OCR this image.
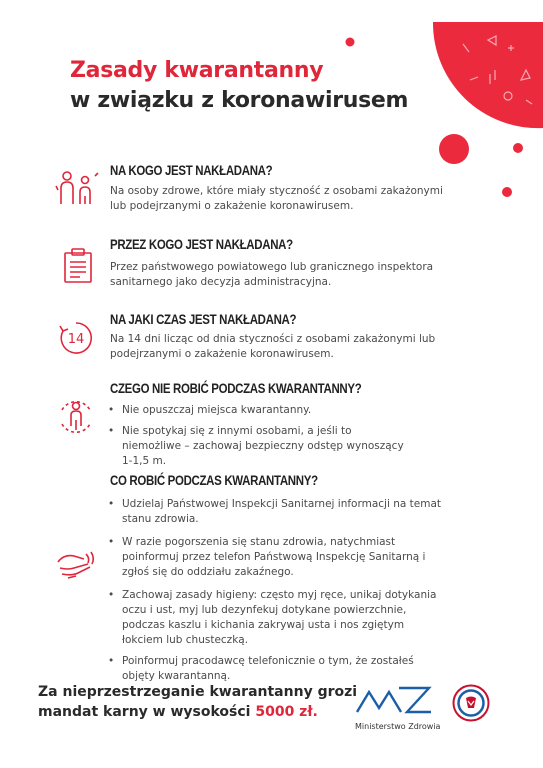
Zasady kwarantanny
w związku z koronawirusem
NA KOGO JEST NAKŁADANA?
Na osoby zdrowe, które miały styczność z osobami zakażonymi lub podejrzanymi o zakażenie koronawirusem.
PRZEZ KOGO JEST NAKŁADANA?
Przez państwowego powiatowego lub granicznego inspektora sanitarnego jako decyzja administracyjna.
14
NA JAKI CZAS JEST NAKŁADANA?
Na 14 dni licząc od dnia styczności z osobami zakażonymi lub podejrzanymi o zakażenie koronawirusem.
CZEGO NIE ROBIĆ PODCZAS KWARANTANNY?
• Nie opuszczaj miejsca kwarantanny.
• Nie spotykaj się z innymi osobami, a jeśli to niemożliwe – zachowaj bezpieczny odstęp wynoszący 1-1,5 m.
CO ROBIĆ PODCZAS KWARANTANNY?
• Udzielaj Państwowej Inspekcji Sanitarnej informacji na temat stanu zdrowia.
• W razie pogorszenia się stanu zdrowia, natychmiast poinformuj przez telefon Państwową Inspekcję Sanitarną i zgłoś się do oddziału zakaźnego.
• Zachowaj zasady higieny: często myj ręce, unikaj dotykania oczu i ust, myj lub dezynfekuj dotykane powierzchnie, podczas kaszlu i kichania zakrywaj usta i nos zgiętym łokciem lub chusteczką.
• Poinformuj pracodawcę telefonicznie o tym, że zostałeś objęty kwarantanną.
Za nieprzestrzeganie kwarantanny grozi
mandat karny w wysokości 5000 zł.
Ministerstwo Zdrowia
